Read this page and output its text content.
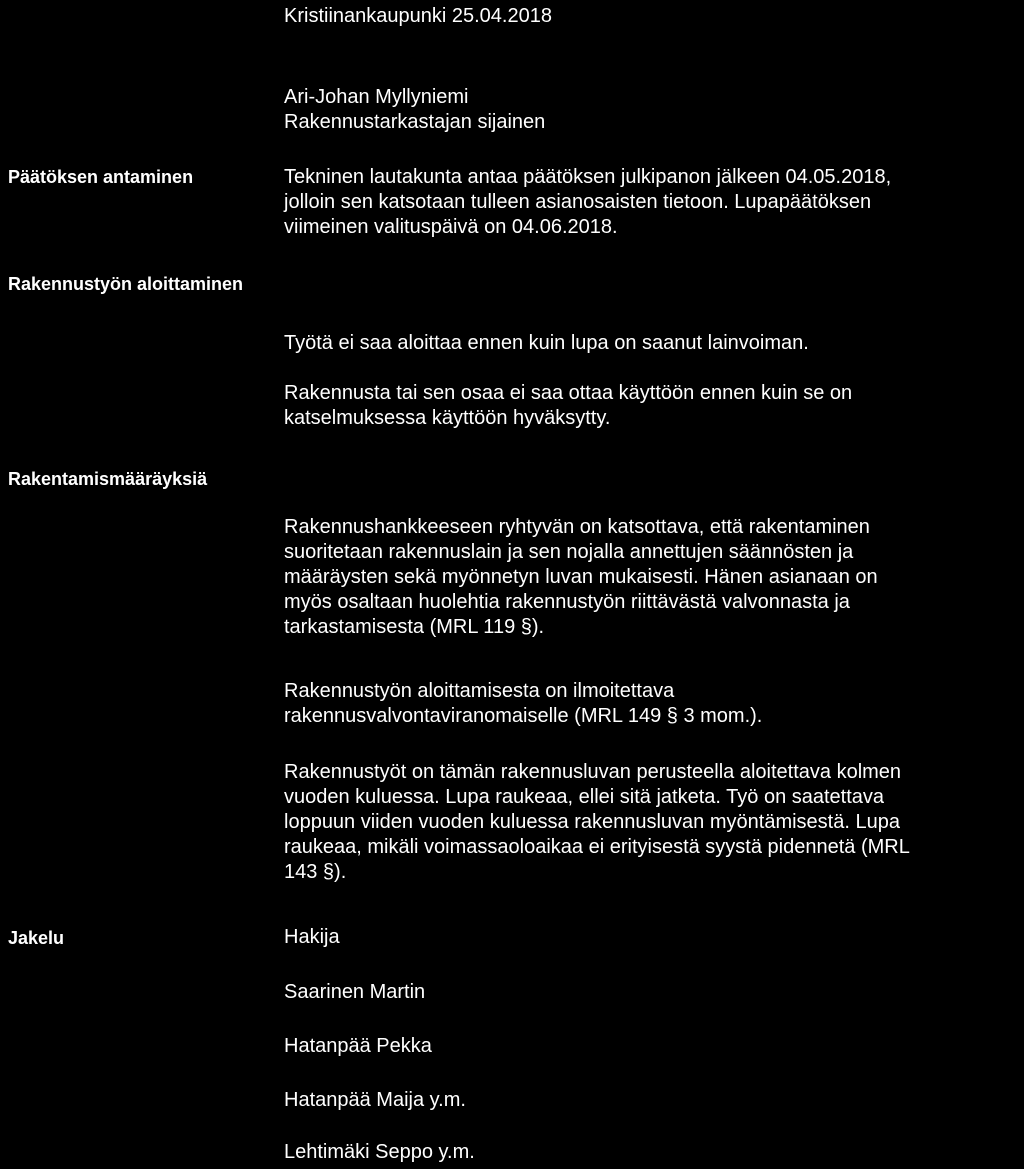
Kristiinankaupunki 25.04.2018
Ari-Johan Myllyniemi
Rakennustarkastajan sijainen
Päätöksen antaminen	Tekninen lautakunta antaa päätöksen julkipanon jälkeen 04.05.2018,
jolloin sen katsotaan tulleen asianosaisten tietoon. Lupapäätöksen
viimeinen valituspäivä on 04.06.2018.
Rakennustyön aloittaminen
Työtä ei saa aloittaa ennen kuin lupa on saanut lainvoiman.
Rakennusta tai sen osaa ei saa ottaa käyttöön ennen kuin se on
katselmuksessa käyttöön hyväksytty.
Rakentamismääräyksiä
Rakennushankkeeseen ryhtyvän on katsottava, että rakentaminen
suoritetaan rakennuslain ja sen nojalla annettujen säännösten ja
määräysten sekä myönnetyn luvan mukaisesti. Hänen asianaan on
myös osaltaan huolehtia rakennustyön riittävästä valvonnasta ja
tarkastamisesta (MRL 119 §).
Rakennustyön aloittamisesta on ilmoitettava
rakennusvalvontaviranomaiselle (MRL 149 § 3 mom.).
Rakennustyöt on tämän rakennusluvan perusteella aloitettava kolmen
vuoden kuluessa. Lupa raukeaa, ellei sitä jatketa. Työ on saatettava
loppuun viiden vuoden kuluessa rakennusluvan myöntämisestä. Lupa
raukeaa, mikäli voimassaoloaikaa ei erityisestä syystä pidennetä (MRL
143 §).
Jakelu	Hakija
Saarinen Martin
Hatanpää Pekka
Hatanpää Maija y.m.
Lehtimäki Seppo y.m.
